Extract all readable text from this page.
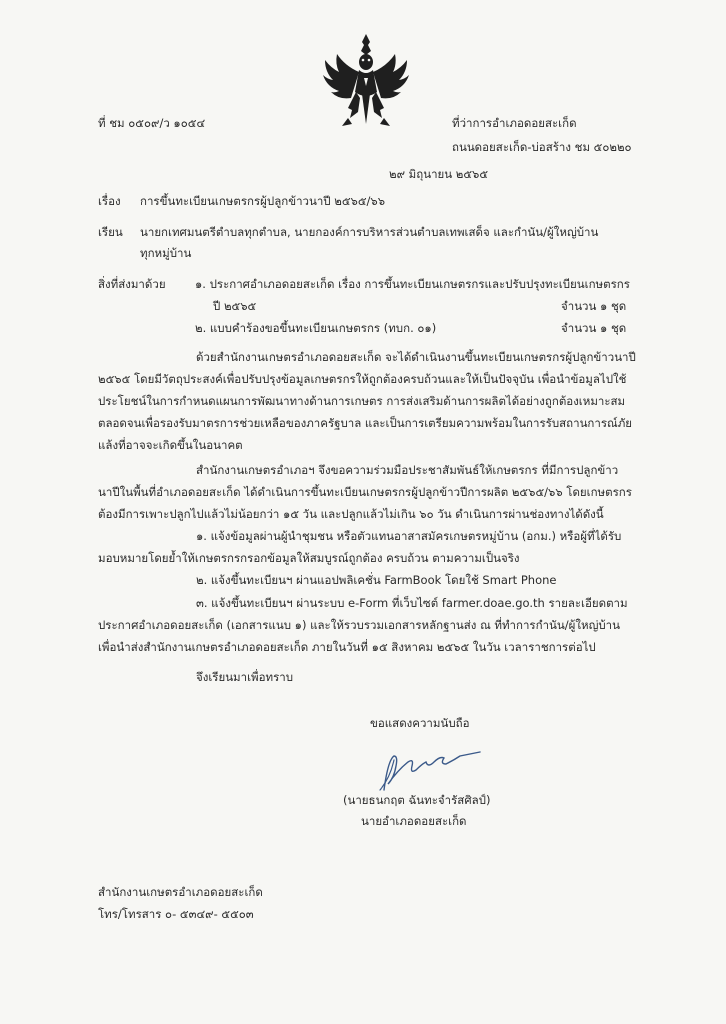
ที่ ชม ๐๕๐๙/ว ๑๐๕๔	ที่ว่าการอำเภอดอยสะเก็ด
ถนนดอยสะเก็ด-บ่อสร้าง ชม ๕๐๒๒๐
๒๙ มิถุนายน ๒๕๖๕
เรื่อง การขึ้นทะเบียนเกษตรกรผู้ปลูกข้าวนาปี ๒๕๖๕/๖๖
เรียน นายกเทศมนตรีตำบลทุกตำบล, นายกองค์การบริหารส่วนตำบลเทพเสด็จ และกำนัน/ผู้ใหญ่บ้าน
ทุกหมู่บ้าน
สิ่งที่ส่งมาด้วย	๑. ประกาศอำเภอดอยสะเก็ด เรื่อง การขึ้นทะเบียนเกษตรกรและปรับปรุงทะเบียนเกษตรกร
ปี ๒๕๖๕	จำนวน ๑ ชุด
๒. แบบคำร้องขอขึ้นทะเบียนเกษตรกร (ทบก. ๐๑)	จำนวน ๑ ชุด
ด้วยสำนักงานเกษตรอำเภอดอยสะเก็ด จะได้ดำเนินงานขึ้นทะเบียนเกษตรกรผู้ปลูกข้าวนาปี ๒๕๖๕ โดยมีวัตถุประสงค์เพื่อปรับปรุงข้อมูลเกษตรกรให้ถูกต้องครบถ้วนและให้เป็นปัจจุบัน เพื่อนำข้อมูลไปใช้ประโยชน์ในการกำหนดแผนการพัฒนาทางด้านการเกษตร การส่งเสริมด้านการผลิตได้อย่างถูกต้องเหมาะสม ตลอดจนเพื่อรองรับมาตรการช่วยเหลือของภาครัฐบาล และเป็นการเตรียมความพร้อมในการรับสถานการณ์ภัยแล้งที่อาจจะเกิดขึ้นในอนาคต
สำนักงานเกษตรอำเภอฯ จึงขอความร่วมมือประชาสัมพันธ์ให้เกษตรกร ที่มีการปลูกข้าวนาปีในพื้นที่อำเภอดอยสะเก็ด ได้ดำเนินการขึ้นทะเบียนเกษตรกรผู้ปลูกข้าวปีการผลิต ๒๕๖๕/๖๖ โดยเกษตรกรต้องมีการเพาะปลูกไปแล้วไม่น้อยกว่า ๑๕ วัน และปลูกแล้วไม่เกิน ๖๐ วัน ดำเนินการผ่านช่องทางได้ดังนี้
๑. แจ้งข้อมูลผ่านผู้นำชุมชน หรือตัวแทนอาสาสมัครเกษตรหมู่บ้าน (อกม.) หรือผู้ที่ได้รับมอบหมายโดยย้ำให้เกษตรกรกรอกข้อมูลให้สมบูรณ์ถูกต้อง ครบถ้วน ตามความเป็นจริง
๒. แจ้งขึ้นทะเบียนฯ ผ่านแอปพลิเคชั่น FarmBook โดยใช้ Smart Phone
๓. แจ้งขึ้นทะเบียนฯ ผ่านระบบ e-Form ที่เว็บไซต์ farmer.doae.go.th รายละเอียดตามประกาศอำเภอดอยสะเก็ด (เอกสารแนบ ๑) และให้รวบรวมเอกสารหลักฐานส่ง ณ ที่ทำการกำนัน/ผู้ใหญ่บ้านเพื่อนำส่งสำนักงานเกษตรอำเภอดอยสะเก็ด ภายในวันที่ ๑๕ สิงหาคม ๒๕๖๕ ในวัน เวลาราชการต่อไป
จึงเรียนมาเพื่อทราบ
ขอแสดงความนับถือ
(นายธนกฤต ฉันทะจำรัสศิลป์)
นายอำเภอดอยสะเก็ด
สำนักงานเกษตรอำเภอดอยสะเก็ด
โทร/โทรสาร ๐- ๕๓๔๙- ๕๕๐๓
